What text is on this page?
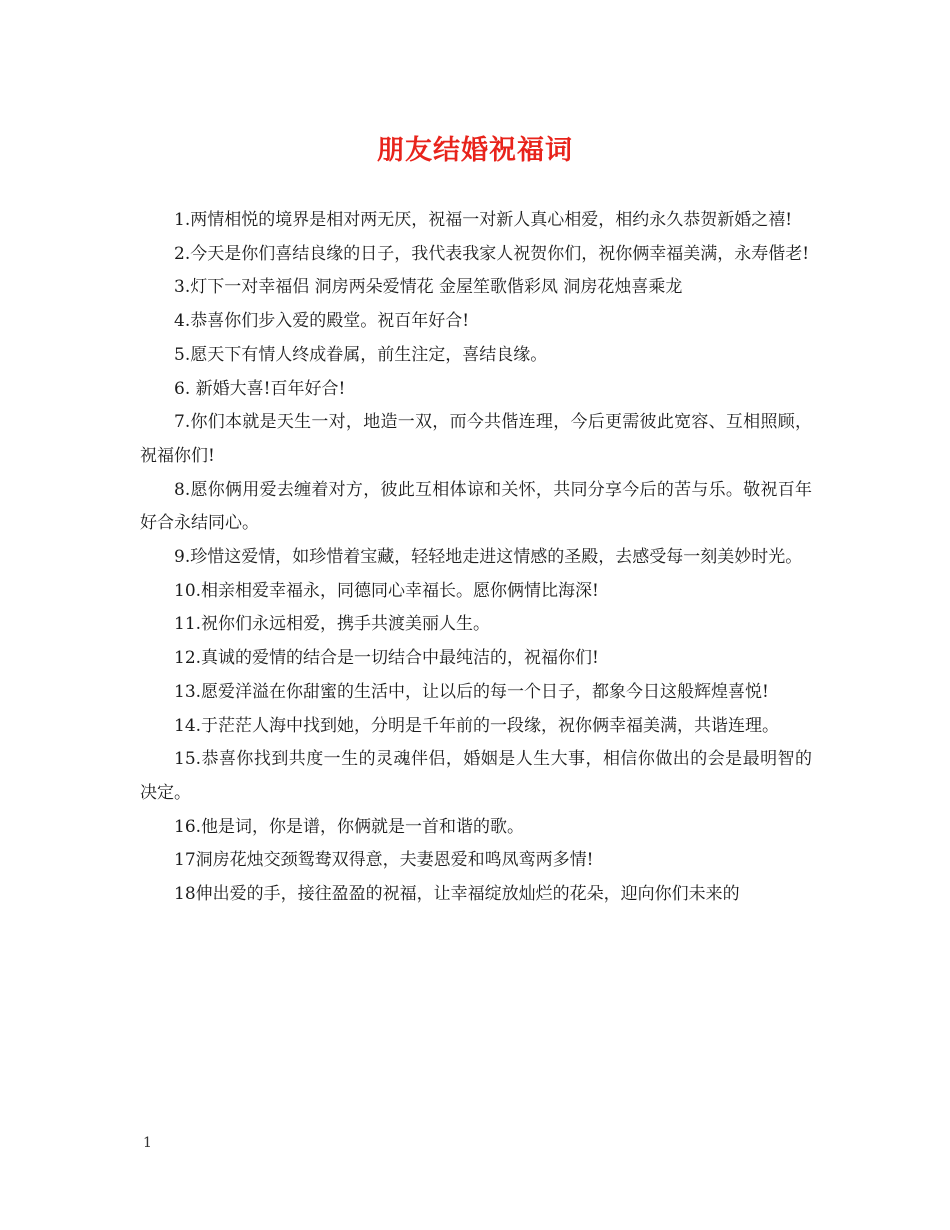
朋友结婚祝福词

1.两情相悦的境界是相对两无厌，祝福一对新人真心相爱，相约永久恭贺新婚之禧!

2.今天是你们喜结良缘的日子，我代表我家人祝贺你们，祝你俩幸福美满，永寿偕老!

3.灯下一对幸福侣 洞房两朵爱情花 金屋笙歌偕彩凤 洞房花烛喜乘龙

4.恭喜你们步入爱的殿堂。祝百年好合!

5.愿天下有情人终成眷属，前生注定，喜结良缘。

6. 新婚大喜!百年好合!

7.你们本就是天生一对，地造一双，而今共偕连理，今后更需彼此宽容、互相照顾，祝福你们!

8.愿你俩用爱去缠着对方，彼此互相体谅和关怀，共同分享今后的苦与乐。敬祝百年好合永结同心。

9.珍惜这爱情，如珍惜着宝藏，轻轻地走进这情感的圣殿，去感受每一刻美妙时光。

10.相亲相爱幸福永，同德同心幸福长。愿你俩情比海深!

11.祝你们永远相爱，携手共渡美丽人生。

12.真诚的爱情的结合是一切结合中最纯洁的，祝福你们!

13.愿爱洋溢在你甜蜜的生活中，让以后的每一个日子，都象今日这般辉煌喜悦!

14.于茫茫人海中找到她，分明是千年前的一段缘，祝你俩幸福美满，共谐连理。

15.恭喜你找到共度一生的灵魂伴侣，婚姻是人生大事，相信你做出的会是最明智的决定。

16.他是词，你是谱，你俩就是一首和谐的歌。

17洞房花烛交颈鸳鸯双得意，夫妻恩爱和鸣凤鸾两多情!

18伸出爱的手，接往盈盈的祝福，让幸福绽放灿烂的花朵，迎向你们未来的

1
